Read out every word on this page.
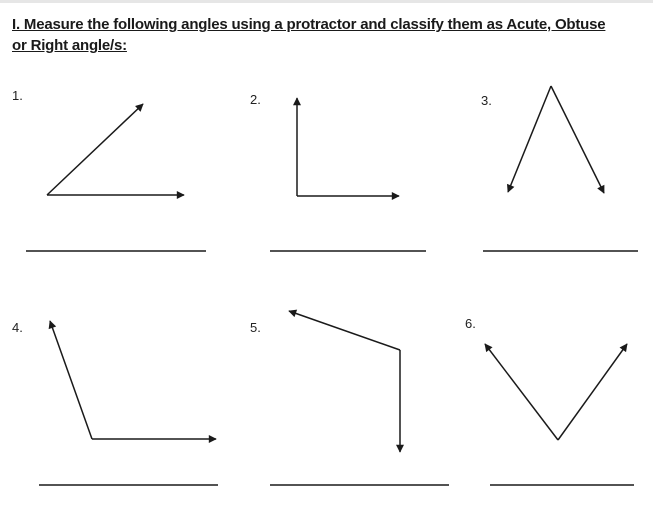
I. Measure the following angles using a protractor and classify them as Acute, Obtuse
or Right angle/s:
1.	2.	3.
4.	5.	6.
